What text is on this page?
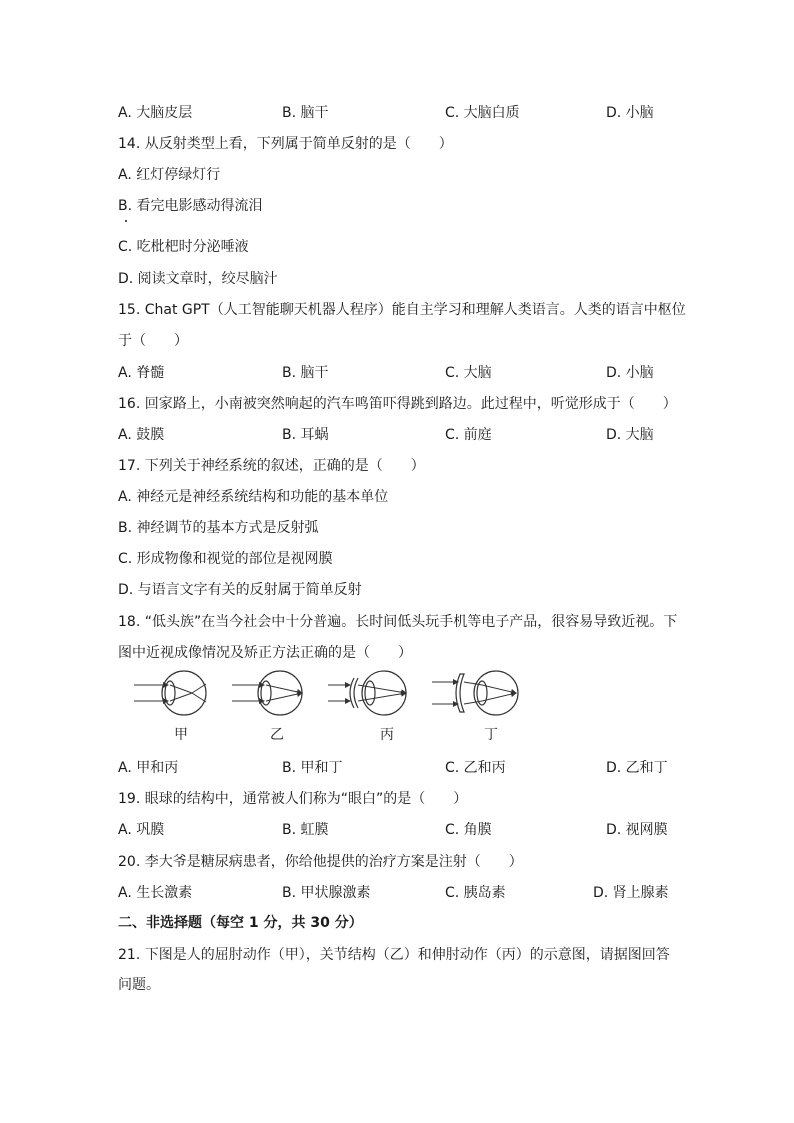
A. 大脑皮层	B. 脑干	C. 大脑白质	D. 小脑
14. 从反射类型上看，下列属于简单反射的是（　　）
A. 红灯停绿灯行
B. 看完电影感动得流泪
C. 吃枇杷时分泌唾液
D. 阅读文章时，绞尽脑汁
15. Chat GPT（人工智能聊天机器人程序）能自主学习和理解人类语言。人类的语言中枢位
于（　　）
A. 脊髓	B. 脑干	C. 大脑	D. 小脑
16. 回家路上，小南被突然响起的汽车鸣笛吓得跳到路边。此过程中，听觉形成于（　　）
A. 鼓膜	B. 耳蜗	C. 前庭	D. 大脑
17. 下列关于神经系统的叙述，正确的是（　　）
A. 神经元是神经系统结构和功能的基本单位
B. 神经调节的基本方式是反射弧
C. 形成物像和视觉的部位是视网膜
D. 与语言文字有关的反射属于简单反射
18. “低头族”在当今社会中十分普遍。长时间低头玩手机等电子产品，很容易导致近视。下
图中近视成像情况及矫正方法正确的是（　　）
甲	乙	丙	丁
A. 甲和丙	B. 甲和丁	C. 乙和丙	D. 乙和丁
19. 眼球的结构中，通常被人们称为“眼白”的是（　　）
A. 巩膜	B. 虹膜	C. 角膜	D. 视网膜
20. 李大爷是糖尿病患者，你给他提供的治疗方案是注射（　　）
A. 生长激素	B. 甲状腺激素	C. 胰岛素	D. 肾上腺素
二、非选择题（每空 1 分，共 30 分）
21. 下图是人的屈肘动作（甲），关节结构（乙）和伸肘动作（丙）的示意图，请据图回答
问题。
